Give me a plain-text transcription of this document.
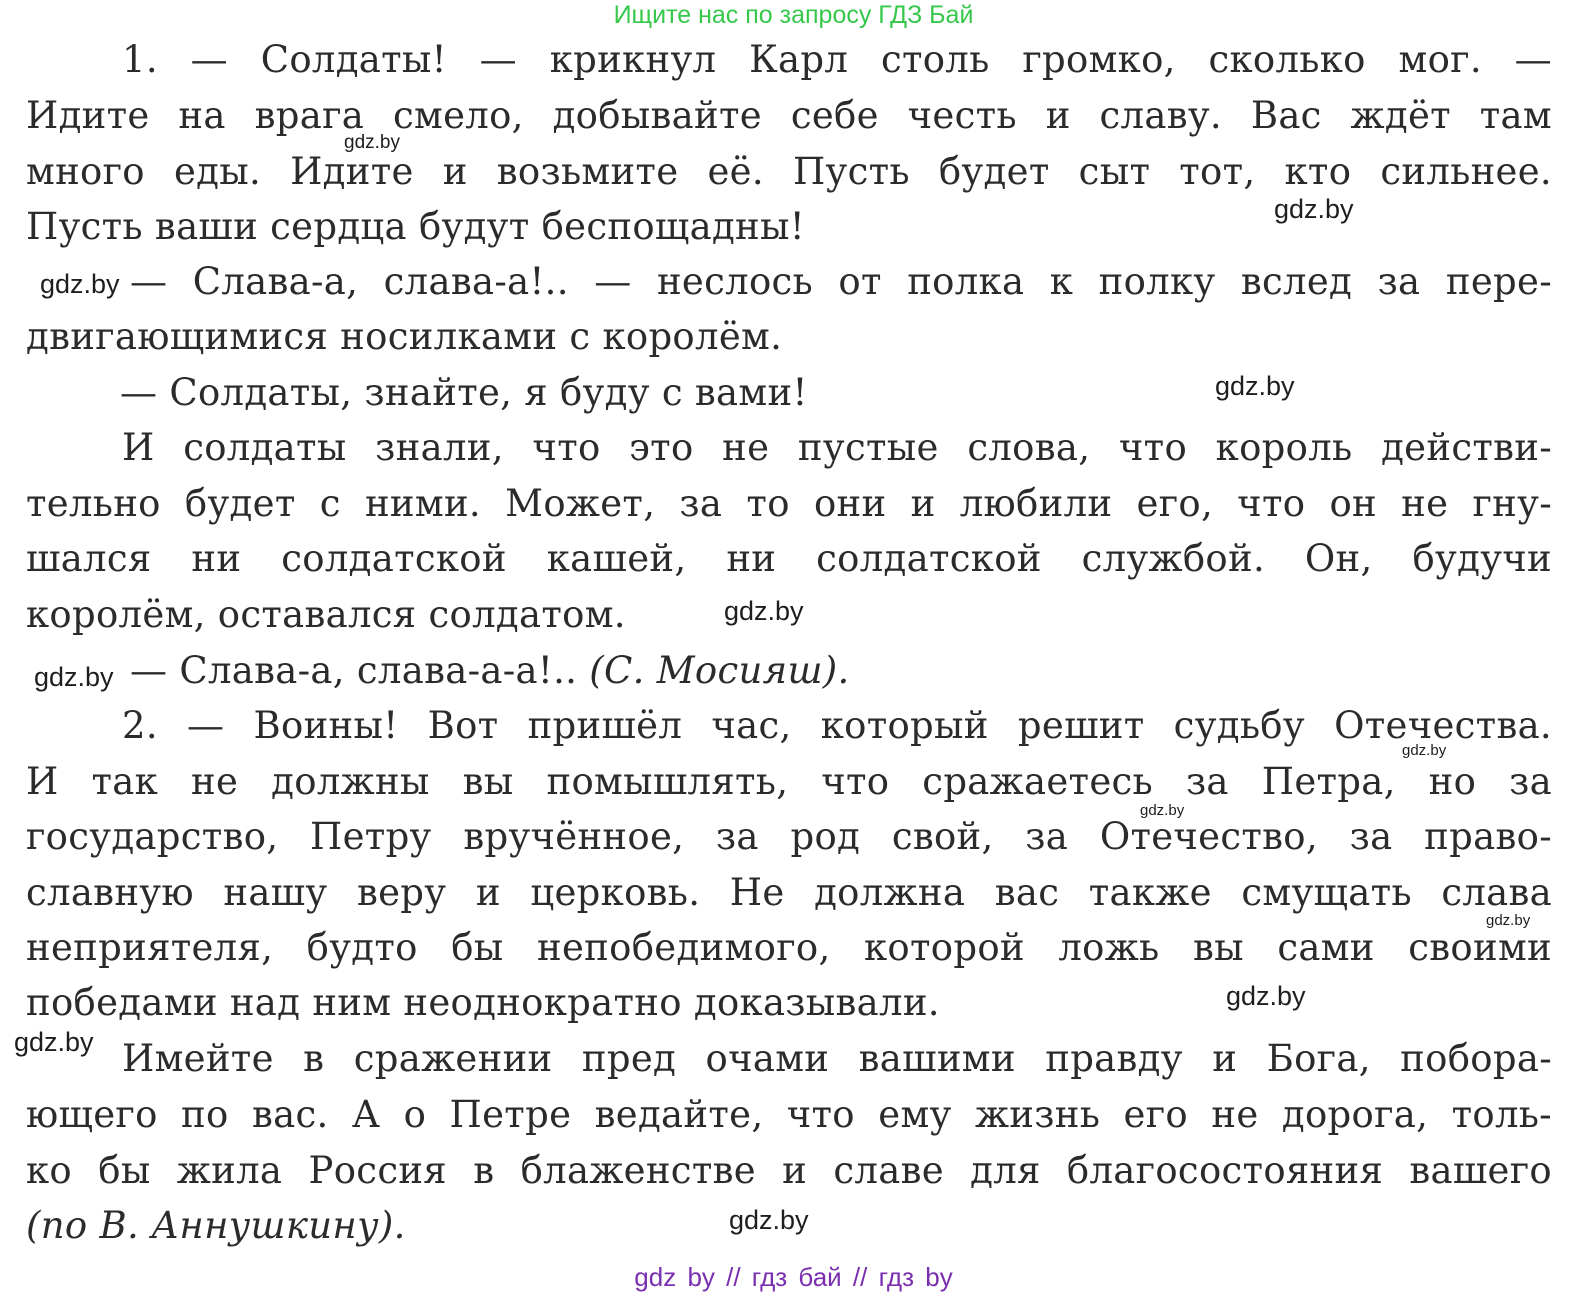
Ищите нас по запросу ГДЗ Бай
1. — Солдаты! — крикнул Карл столь громко, сколько мог. —
Идите на врага смело, добывайте себе честь и славу. Вас ждёт там
много еды. Идите и возьмите её. Пусть будет сыт тот, кто сильнее.
Пусть ваши сердца будут беспощадны!
— Слава-а, слава-а!.. — неслось от полка к полку вслед за пере-
двигающимися носилками с королём.
— Солдаты, знайте, я буду с вами!
И солдаты знали, что это не пустые слова, что король действи-
тельно будет с ними. Может, за то они и любили его, что он не гну-
шался ни солдатской кашей, ни солдатской службой. Он, будучи
королём, оставался солдатом.
— Слава-а, слава-а-а!.. (С. Мосияш).
2. — Воины! Вот пришёл час, который решит судьбу Отечества.
И так не должны вы помышлять, что сражаетесь за Петра, но за
государство, Петру вручённое, за род свой, за Отечество, за право-
славную нашу веру и церковь. Не должна вас также смущать слава
неприятеля, будто бы непобедимого, которой ложь вы сами своими
победами над ним неоднократно доказывали.
Имейте в сражении пред очами вашими правду и Бога, побора-
ющего по вас. А о Петре ведайте, что ему жизнь его не дорога, толь-
ко бы жила Россия в блаженстве и славе для благосостояния вашего
(по В. Аннушкину).
gdz.by
gdz.by
gdz.by
gdz.by
gdz.by
gdz.by
gdz.by
gdz.by
gdz.by
gdz.by
gdz.by
gdz.by
gdz by // гдз бай // гдз by
